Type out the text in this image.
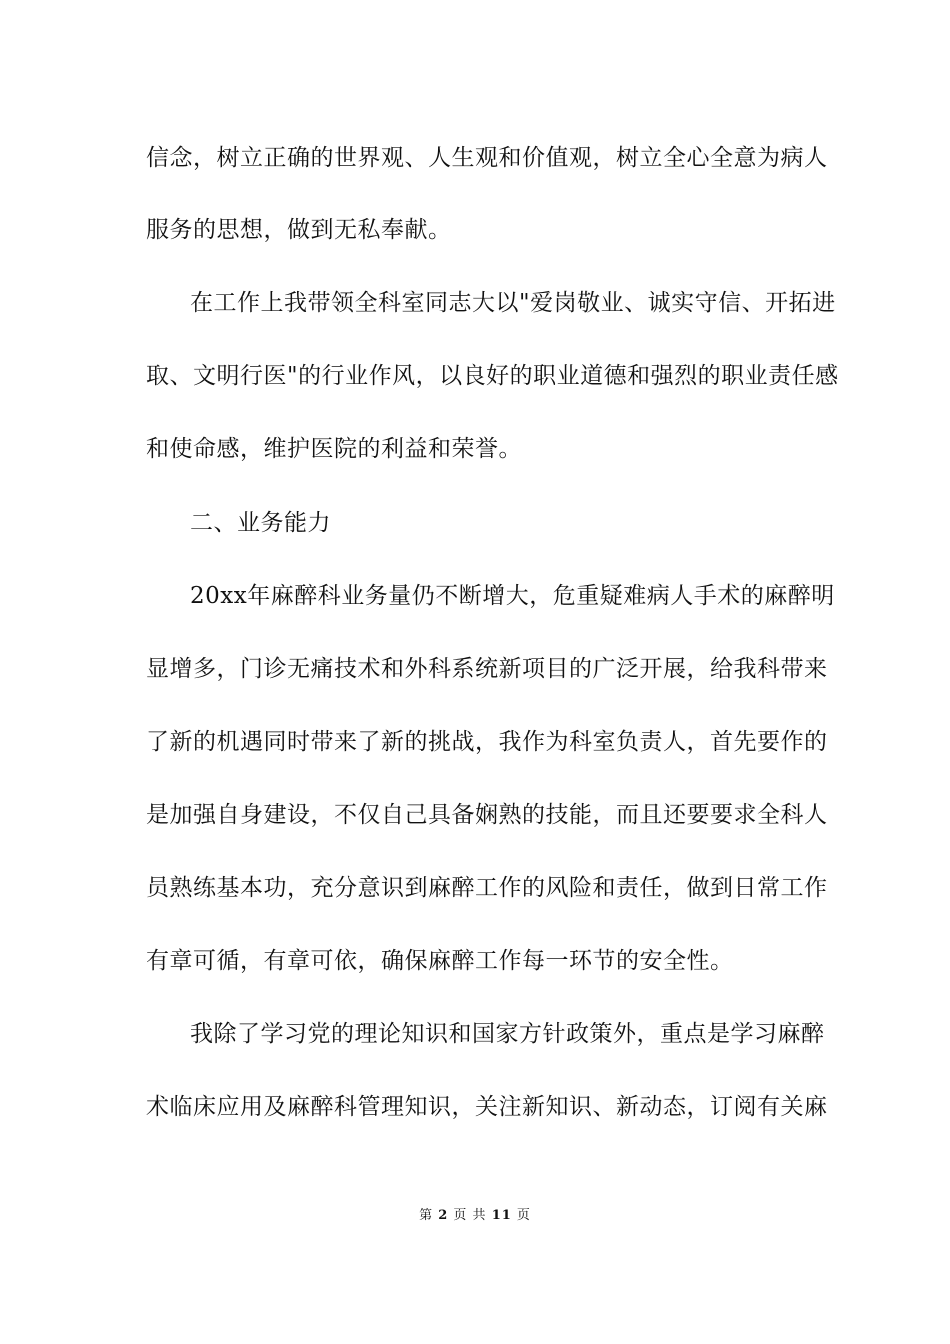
信念，树立正确的世界观、人生观和价值观，树立全心全意为病人
服务的思想，做到无私奉献。
在工作上我带领全科室同志大以"爱岗敬业、诚实守信、开拓进
取、文明行医"的行业作风，以良好的职业道德和强烈的职业责任感
和使命感，维护医院的利益和荣誉。
二、业务能力
20xx年麻醉科业务量仍不断增大，危重疑难病人手术的麻醉明
显增多，门诊无痛技术和外科系统新项目的广泛开展，给我科带来
了新的机遇同时带来了新的挑战，我作为科室负责人，首先要作的
是加强自身建设，不仅自己具备娴熟的技能，而且还要要求全科人
员熟练基本功，充分意识到麻醉工作的风险和责任，做到日常工作
有章可循，有章可依，确保麻醉工作每一环节的安全性。
我除了学习党的理论知识和国家方针政策外，重点是学习麻醉
术临床应用及麻醉科管理知识，关注新知识、新动态，订阅有关麻
第 2 页 共 11 页
